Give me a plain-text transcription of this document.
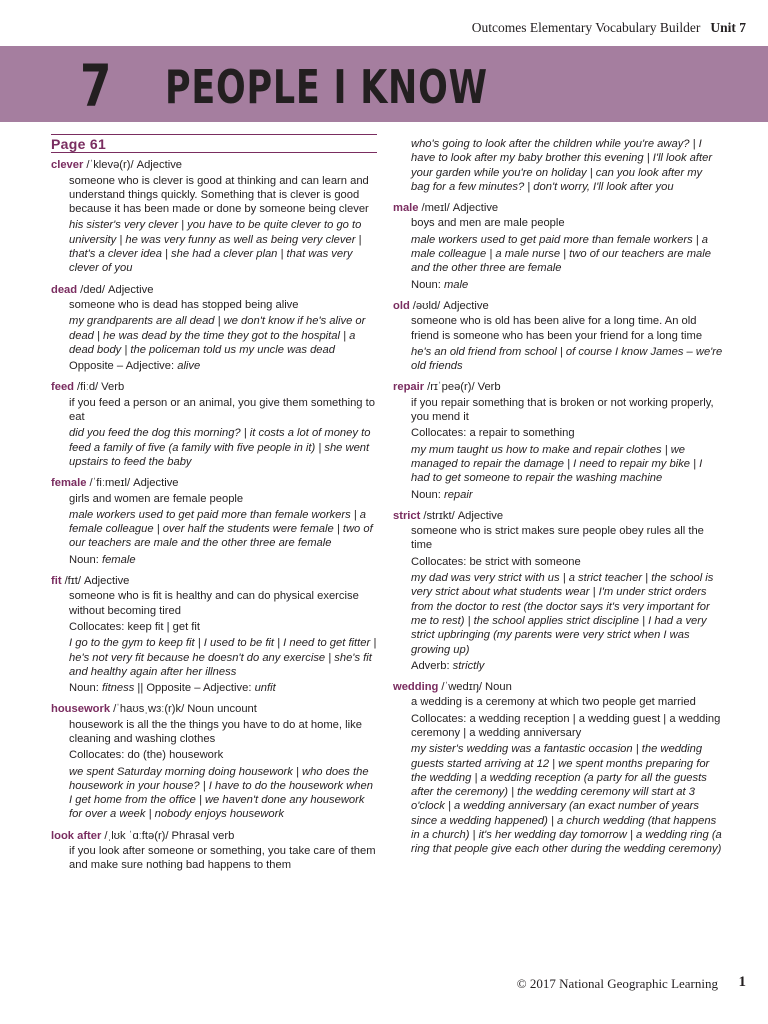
Outcomes Elementary Vocabulary Builder Unit 7
7 PEOPLE I KNOW
Page 61
clever /ˈklevə(r)/ Adjective
someone who is clever is good at thinking and can learn and understand things quickly. Something that is clever is good because it has been made or done by someone being clever
his sister's very clever | you have to be quite clever to go to university | he was very funny as well as being very clever | that's a clever idea | she had a clever plan | that was very clever of you
dead /ded/ Adjective
someone who is dead has stopped being alive
my grandparents are all dead | we don't know if he's alive or dead | he was dead by the time they got to the hospital | a dead body | the policeman told us my uncle was dead
Opposite – Adjective: alive
feed /fiːd/ Verb
if you feed a person or an animal, you give them something to eat
did you feed the dog this morning? | it costs a lot of money to feed a family of five (a family with five people in it) | she went upstairs to feed the baby
female /ˈfiːmeɪl/ Adjective
girls and women are female people
male workers used to get paid more than female workers | a female colleague | over half the students were female | two of our teachers are male and the other three are female
Noun: female
fit /fɪt/ Adjective
someone who is fit is healthy and can do physical exercise without becoming tired
Collocates: keep fit | get fit
I go to the gym to keep fit | I used to be fit | I need to get fitter | he's not very fit because he doesn't do any exercise | she's fit and healthy again after her illness
Noun: fitness || Opposite – Adjective: unfit
housework /ˈhaʊsˌwɜː(r)k/ Noun uncount
housework is all the the things you have to do at home, like cleaning and washing clothes
Collocates: do (the) housework
we spent Saturday morning doing housework | who does the housework in your house? | I have to do the housework when I get home from the office | we haven't done any housework for over a week | nobody enjoys housework
look after /ˌlʊk ˈɑːftə(r)/ Phrasal verb
if you look after someone or something, you take care of them and make sure nothing bad happens to them
who's going to look after the children while you're away? | I have to look after my baby brother this evening | I'll look after your garden while you're on holiday | can you look after my bag for a few minutes? | don't worry, I'll look after you
male /meɪl/ Adjective
boys and men are male people
male workers used to get paid more than female workers | a male colleague | a male nurse | two of our teachers are male and the other three are female
Noun: male
old /əʊld/ Adjective
someone who is old has been alive for a long time. An old friend is someone who has been your friend for a long time
he's an old friend from school | of course I know James – we're old friends
repair /rɪˈpeə(r)/ Verb
if you repair something that is broken or not working properly, you mend it
Collocates: a repair to something
my mum taught us how to make and repair clothes | we managed to repair the damage | I need to repair my bike | I had to get someone to repair the washing machine
Noun: repair
strict /strɪkt/ Adjective
someone who is strict makes sure people obey rules all the time
Collocates: be strict with someone
my dad was very strict with us | a strict teacher | the school is very strict about what students wear | I'm under strict orders from the doctor to rest (the doctor says it's very important for me to rest) | the school applies strict discipline | I had a very strict upbringing (my parents were very strict when I was growing up)
Adverb: strictly
wedding /ˈwedɪŋ/ Noun
a wedding is a ceremony at which two people get married
Collocates: a wedding reception | a wedding guest | a wedding ceremony | a wedding anniversary
my sister's wedding was a fantastic occasion | the wedding guests started arriving at 12 | we spent months preparing for the wedding | a wedding reception (a party for all the guests after the ceremony) | the wedding ceremony will start at 3 o'clock | a wedding anniversary (an exact number of years since a wedding happened) | a church wedding (that happens in a church) | it's her wedding day tomorrow | a wedding ring (a ring that people give each other during the wedding ceremony)
© 2017 National Geographic Learning 1
